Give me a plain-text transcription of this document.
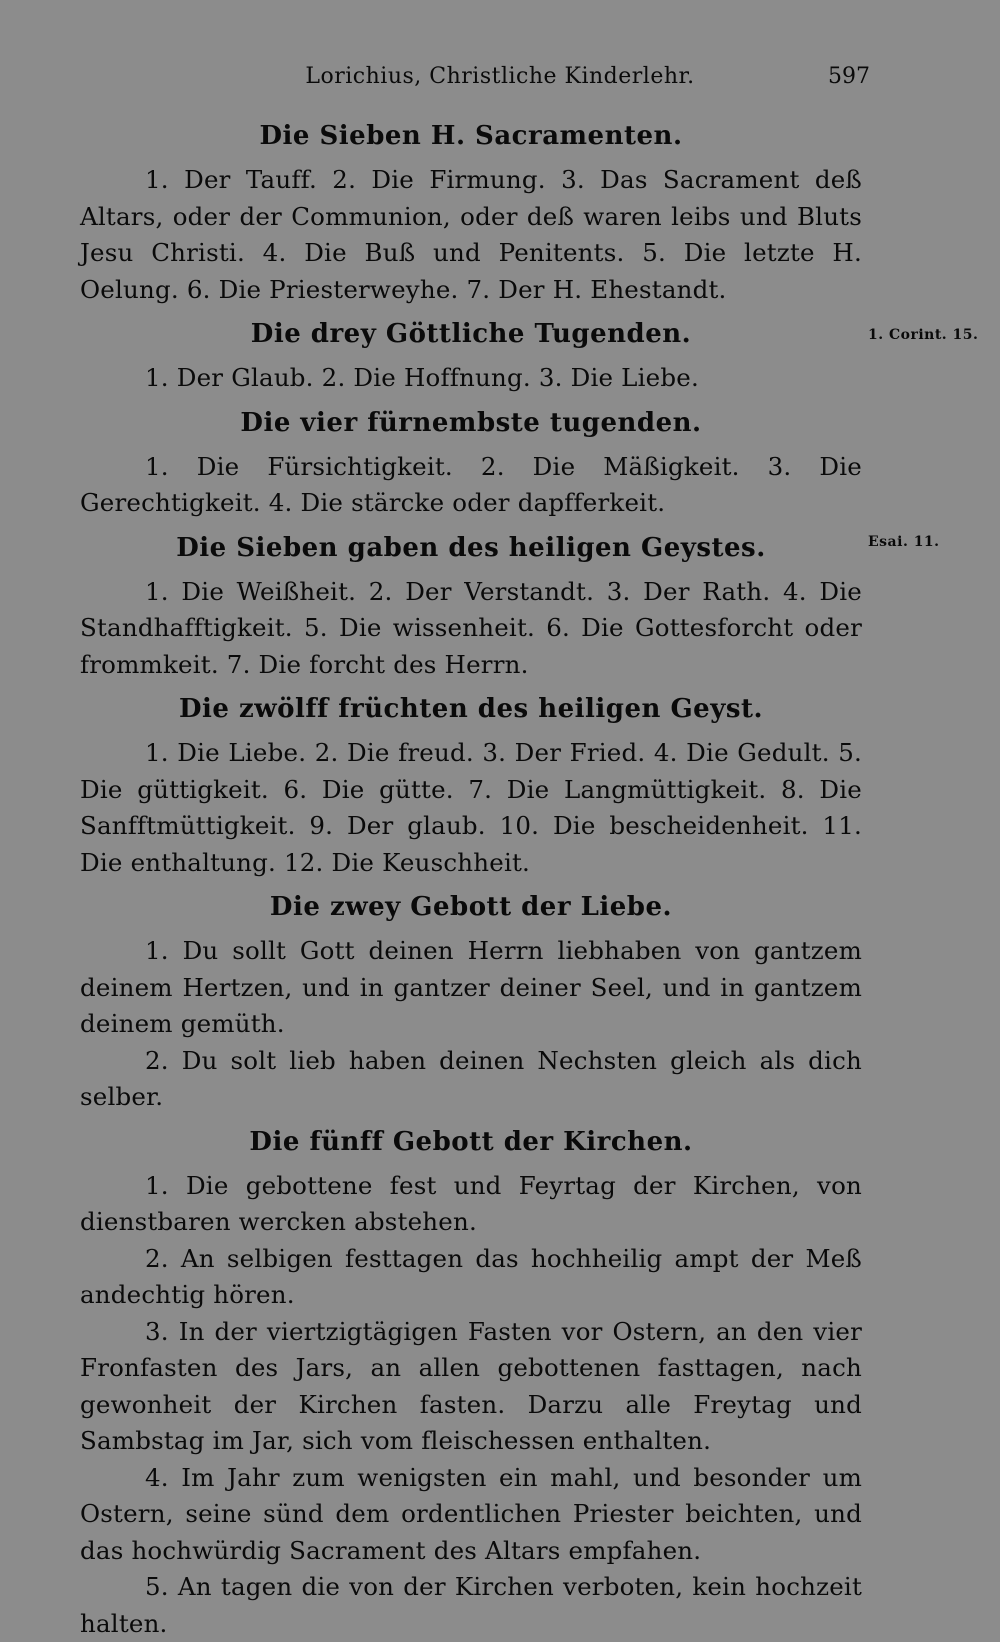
Lorichius, Christliche Kinderlehr.	597
1. Corint. 15.
Esai. 11.
Die Sieben H. Sacramenten.

1. Der Tauff. 2. Die Firmung. 3. Das Sacrament deß Altars, oder der Communion, oder deß waren leibs und Bluts Jesu Christi. 4. Die Buß und Penitents. 5. Die letzte H. Oelung. 6. Die Priesterweyhe. 7. Der H. Ehestandt.

Die drey Göttliche Tugenden.

1. Der Glaub. 2. Die Hoffnung. 3. Die Liebe.

Die vier fürnembste tugenden.

1. Die Fürsichtigkeit. 2. Die Mäßigkeit. 3. Die Gerechtigkeit. 4. Die stärcke oder dapfferkeit.

Die Sieben gaben des heiligen Geystes.

1. Die Weißheit. 2. Der Verstandt. 3. Der Rath. 4. Die Standhafftigkeit. 5. Die wissenheit. 6. Die Gottesforcht oder frommkeit. 7. Die forcht des Herrn.

Die zwölff früchten des heiligen Geyst.

1. Die Liebe. 2. Die freud. 3. Der Fried. 4. Die Gedult. 5. Die güttigkeit. 6. Die gütte. 7. Die Langmüttigkeit. 8. Die Sanfftmüttigkeit. 9. Der glaub. 10. Die bescheidenheit. 11. Die enthaltung. 12. Die Keuschheit.

Die zwey Gebott der Liebe.

1. Du sollt Gott deinen Herrn liebhaben von gantzem deinem Hertzen, und in gantzer deiner Seel, und in gantzem deinem gemüth.

2. Du solt lieb haben deinen Nechsten gleich als dich selber.

Die fünff Gebott der Kirchen.

1. Die gebottene fest und Feyrtag der Kirchen, von dienstbaren wercken abstehen.

2. An selbigen festtagen das hochheilig ampt der Meß andechtig hören.

3. In der viertzigtägigen Fasten vor Ostern, an den vier Fronfasten des Jars, an allen gebottenen fasttagen, nach gewonheit der Kirchen fasten. Darzu alle Freytag und Sambstag im Jar, sich vom fleischessen enthalten.

4. Im Jahr zum wenigsten ein mahl, und besonder um Ostern, seine sünd dem ordentlichen Priester beichten, und das hochwürdig Sacrament des Altars empfahen.

5. An tagen die von der Kirchen verboten, kein hochzeit halten.
